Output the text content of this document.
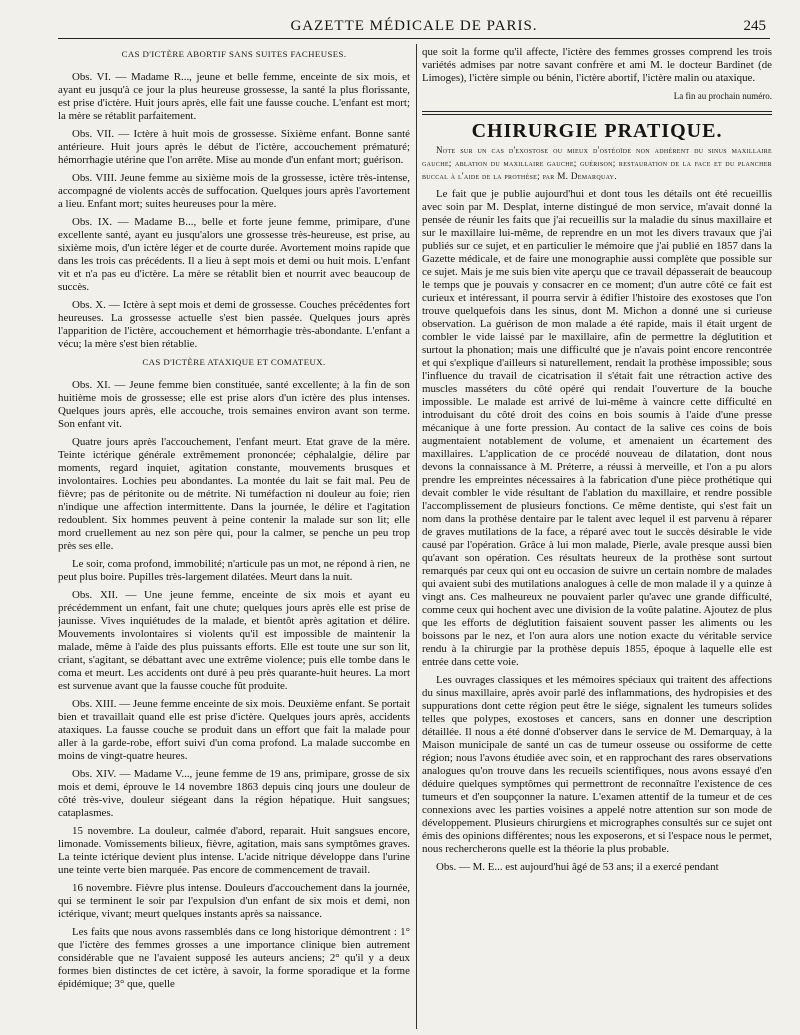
GAZETTE MÉDICALE DE PARIS.	245
CAS D'ICTÈRE ABORTIF SANS SUITES FACHEUSES.

Obs. VI. — Madame R..., jeune et belle femme, enceinte de six mois, et ayant eu jusqu'à ce jour la plus heureuse grossesse, la santé la plus florissante, est prise d'ictère. Huit jours après, elle fait une fausse couche. L'enfant est mort; la mère se rétablit parfaitement.

Obs. VII. — Ictère à huit mois de grossesse. Sixième enfant. Bonne santé antérieure. Huit jours après le début de l'ictère, accouchement prématuré; hémorrhagie utérine que l'on arrête. Mise au monde d'un enfant mort; guérison.

Obs. VIII. Jeune femme au sixième mois de la grossesse, ictère très-intense, accompagné de violents accès de suffocation. Quelques jours après l'avortement a lieu. Enfant mort; suites heureuses pour la mère.

Obs. IX. — Madame B..., belle et forte jeune femme, primipare, d'une excellente santé, ayant eu jusqu'alors une grossesse très-heureuse, est prise, au sixième mois, d'un ictère léger et de courte durée. Avortement moins rapide que dans les trois cas précédents. Il a lieu à sept mois et demi ou huit mois. L'enfant vit et n'a pas eu d'ictère. La mère se rétablit bien et nourrit avec beaucoup de succès.

Obs. X. — Ictère à sept mois et demi de grossesse. Couches précédentes fort heureuses. La grossesse actuelle s'est bien passée. Quelques jours après l'apparition de l'ictère, accouchement et hémorrhagie très-abondante. L'enfant a vécu; la mère s'est bien rétablie.

CAS D'ICTÈRE ATAXIQUE ET COMATEUX.

Obs. XI. — Jeune femme bien constituée, santé excellente; à la fin de son huitième mois de grossesse; elle est prise alors d'un ictère des plus intenses. Quelques jours après, elle accouche, trois semaines environ avant son terme. Son enfant vit.

Quatre jours après l'accouchement, l'enfant meurt. Etat grave de la mère. Teinte ictérique générale extrêmement prononcée; céphalalgie, délire par moments, regard inquiet, agitation constante, mouvements brusques et involontaires. Lochies peu abondantes. La montée du lait se fait mal. Peu de fièvre; pas de péritonite ou de métrite. Ni tuméfaction ni douleur au foie; rien n'indique une affection intermittente. Dans la journée, le délire et l'agitation redoublent. Six hommes peuvent à peine contenir la malade sur son lit; elle mord cruellement au nez son père qui, pour la calmer, se penche un peu trop près ses elle.

Le soir, coma profond, immobilité; n'articule pas un mot, ne répond à rien, ne peut plus boire. Pupilles très-largement dilatées. Meurt dans la nuit.

Obs. XII. — Une jeune femme, enceinte de six mois et ayant eu précédemment un enfant, fait une chute; quelques jours après elle est prise de jaunisse. Vives inquiétudes de la malade, et bientôt après agitation et délire. Mouvements involontaires si violents qu'il est impossible de maintenir la malade, même à l'aide des plus puissants efforts. Elle est toute une sur son lit, criant, s'agitant, se débattant avec une extrême violence; puis elle tombe dans le coma et meurt. Les accidents ont duré à peu près quarante-huit heures. La mort est survenue avant que la fausse couche fût produite.

Obs. XIII. — Jeune femme enceinte de six mois. Deuxième enfant. Se portait bien et travaillait quand elle est prise d'ictère. Quelques jours après, accidents ataxiques. La fausse couche se produit dans un effort que fait la malade pour aller à la garde-robe, effort suivi d'un coma profond. La malade succombe en moins de vingt-quatre heures.

Obs. XIV. — Madame V..., jeune femme de 19 ans, primipare, grosse de six mois et demi, éprouve le 14 novembre 1863 depuis cinq jours une douleur de côté très-vive, douleur siégeant dans la région hépatique. Huit sangsues; cataplasmes.

15 novembre. La douleur, calmée d'abord, reparait. Huit sangsues encore, limonade. Vomissements bilieux, fièvre, agitation, mais sans symptômes graves. La teinte ictérique devient plus intense. L'acide nitrique développe dans l'urine une teinte verte bien marquée. Pas encore de commencement de travail.

16 novembre. Fièvre plus intense. Douleurs d'accouchement dans la journée, qui se terminent le soir par l'expulsion d'un enfant de six mois et demi, non ictérique, vivant; meurt quelques instants après sa naissance.

Les faits que nous avons rassemblés dans ce long historique démontrent : 1° que l'ictère des femmes grosses a une importance clinique bien autrement considérable que ne l'avaient supposé les auteurs anciens; 2° qu'il y a deux formes bien distinctes de cet ictère, à savoir, la forme sporadique et la forme épidémique; 3° que, quelle

que soit la forme qu'il affecte, l'ictère des femmes grosses comprend les trois variétés admises par notre savant confrère et ami M. le docteur Bardinet (de Limoges), l'ictère simple ou bénin, l'ictère abortif, l'ictère malin ou ataxique.

La fin au prochain numéro.
CHIRURGIE PRATIQUE.

Note sur un cas d'exostose ou mieux d'ostéoïde non adhérent du sinus maxillaire gauche; ablation du maxillaire gauche; guérison; restauration de la face et du plancher buccal à l'aide de la prothèse; par M. Demarquay.

Le fait que je publie aujourd'hui et dont tous les détails ont été recueillis avec soin par M. Desplat, interne distingué de mon service, m'avait donné la pensée de réunir les faits que j'ai recueillis sur la maladie du sinus maxillaire et sur le maxillaire lui-même, de reprendre en un mot les divers travaux que j'ai publiés sur ce sujet, et en particulier le mémoire que j'ai publié en 1857 dans la Gazette médicale, et de faire une monographie aussi complète que possible sur ce sujet. Mais je me suis bien vite aperçu que ce travail dépasserait de beaucoup le temps que je pouvais y consacrer en ce moment; d'un autre côté ce fait est curieux et intéressant, il pourra servir à édifier l'histoire des exostoses que l'on trouve quelquefois dans les sinus, dont M. Michon a donné une si curieuse observation. La guérison de mon malade a été rapide, mais il était urgent de combler le vide laissé par le maxillaire, afin de permettre la déglutition et surtout la phonation; mais une difficulté que je n'avais point encore rencontrée et qui s'explique d'ailleurs si naturellement, rendait la prothèse impossible; sous l'influence du travail de cicatrisation il s'était fait une rétraction active des muscles masséters du côté opéré qui rendait l'ouverture de la bouche impossible. Le malade est arrivé de lui-même à vaincre cette difficulté en introduisant du côté droit des coins en bois soumis à l'aide d'une presse mécanique à une forte pression. Au contact de la salive ces coins de bois augmentaient notablement de volume, et amenaient un écartement des maxillaires. L'application de ce procédé nouveau de dilatation, dont nous devons la connaissance à M. Préterre, a réussi à merveille, et l'on a pu alors prendre les empreintes nécessaires à la fabrication d'une pièce prothétique qui devait combler le vide résultant de l'ablation du maxillaire, et rendre possible l'accomplissement de plusieurs fonctions. Ce même dentiste, qui s'est fait un nom dans la prothèse dentaire par le talent avec lequel il est parvenu à réparer de graves mutilations de la face, a réparé avec tout le succès désirable le vide causé par l'opération. Grâce à lui mon malade, Pierle, avale presque aussi bien qu'avant son opération. Ces résultats heureux de la prothèse sont surtout remarqués par ceux qui ont eu occasion de suivre un certain nombre de malades qui avaient subi des mutilations analogues à celle de mon malade il y a quinze à vingt ans. Ces malheureux ne pouvaient parler qu'avec une grande difficulté, comme ceux qui hochent avec une division de la voûte palatine. Ajoutez de plus que les efforts de déglutition faisaient souvent passer les aliments ou les boissons par le nez, et l'on aura alors une notion exacte du véritable service rendu à la chirurgie par la prothèse depuis 1855, époque à laquelle elle est entrée dans cette voie.

Les ouvrages classiques et les mémoires spéciaux qui traitent des affections du sinus maxillaire, après avoir parlé des inflammations, des hydropisies et des suppurations dont cette région peut être le siége, signalent les tumeurs solides telles que polypes, exostoses et cancers, sans en donner une description détaillée. Il nous a été donné d'observer dans le service de M. Demarquay, à la Maison municipale de santé un cas de tumeur osseuse ou ossiforme de cette région; nous l'avons étudiée avec soin, et en rapprochant des rares observations analogues qu'on trouve dans les recueils scientifiques, nous avons essayé d'en déduire quelques symptômes qui permettront de reconnaître l'existence de ces tumeurs et d'en soupçonner la nature. L'examen attentif de la tumeur et de ces connexions avec les parties voisines a appelé notre attention sur son mode de développement. Plusieurs chirurgiens et micrographes consultés sur ce sujet ont émis des opinions différentes; nous les exposerons, et si l'espace nous le permet, nous rechercherons quelle est la théorie la plus probable.

Obs. — M. E... est aujourd'hui âgé de 53 ans; il a exercé pendant
